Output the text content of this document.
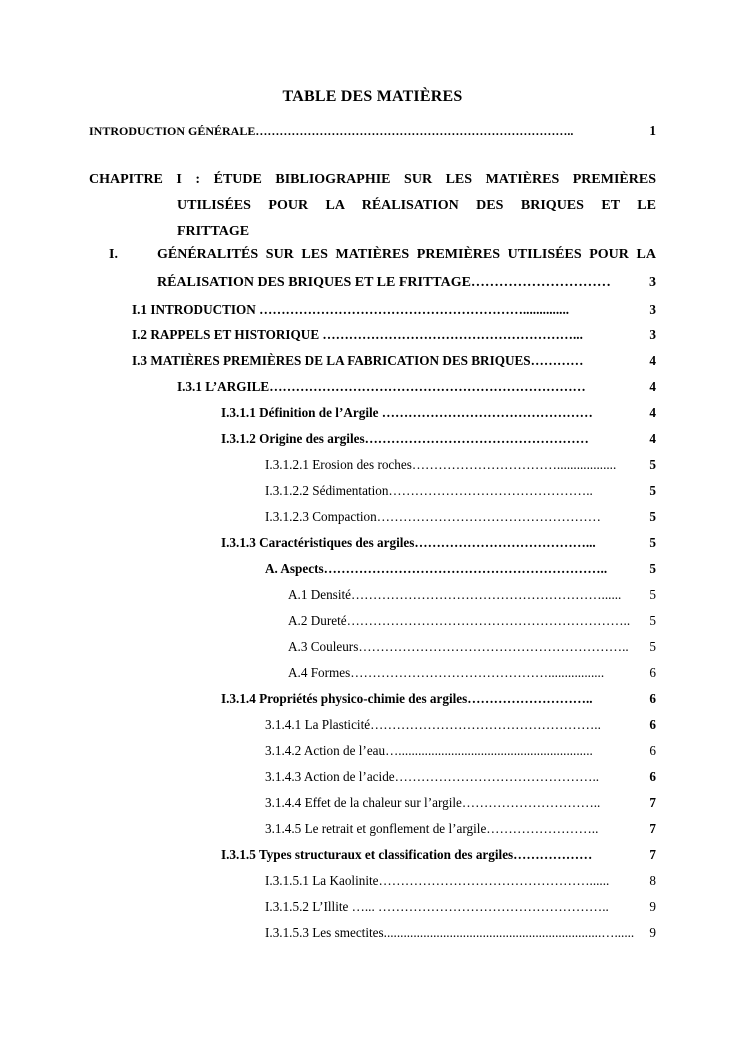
TABLE DES MATIÈRES
INTRODUCTION GÉNÉRALE……………………………………………………………………..	1
CHAPITRE I : ÉTUDE BIBLIOGRAPHIE SUR LES MATIÈRES PREMIÈRES
UTILISÉES POUR LA RÉALISATION DES BRIQUES ET LE
FRITTAGE
I.	GÉNÉRALITÉS SUR LES MATIÈRES PREMIÈRES UTILISÉES POUR LA
RÉALISATION DES BRIQUES ET LE FRITTAGE…………………………	3
I.1 INTRODUCTION ……………………………………………………..............	3
I.2 RAPPELS ET HISTORIQUE …………………………………………………...	3
I.3 MATIÈRES PREMIÈRES DE LA FABRICATION DES BRIQUES…………	4
I.3.1 L’ARGILE………………………………………………………………	4
I.3.1.1 Définition de l’Argile …………………………………………	4
I.3.1.2 Origine des argiles……………………………………………	4
I.3.1.2.1 Erosion des roches……………………………..................	5
I.3.1.2.2 Sédimentation………………………………………..	5
I.3.1.2.3 Compaction……………………………………………	5
I.3.1.3 Caractéristiques des argiles…………………………………...	5
A. Aspects………………………………………………………..	5
A.1 Densité…………………………………………………......	5
A.2 Dureté………………………………………………………..	5
A.3 Couleurs……………………………………………………..	5
A.4 Formes……………………………………….................	6
I.3.1.4 Propriétés physico-chimie des argiles………………………..	6
3.1.4.1 La Plasticité……………………………………………..	6
3.1.4.2 Action de l’eau…...........................................................	6
3.1.4.3 Action de l’acide………………………………………..	6
3.1.4.4 Effet de la chaleur sur l’argile…………………………..	7
3.1.4.5 Le retrait et gonflement de l’argile……………………..	7
I.3.1.5 Types structuraux et classification des argiles………………	7
I.3.1.5.1 La Kaolinite…………………………………………......	8
I.3.1.5.2 L’Illite …... ……………………………………………..	9
I.3.1.5.3 Les smectites..................................................................…......	9
